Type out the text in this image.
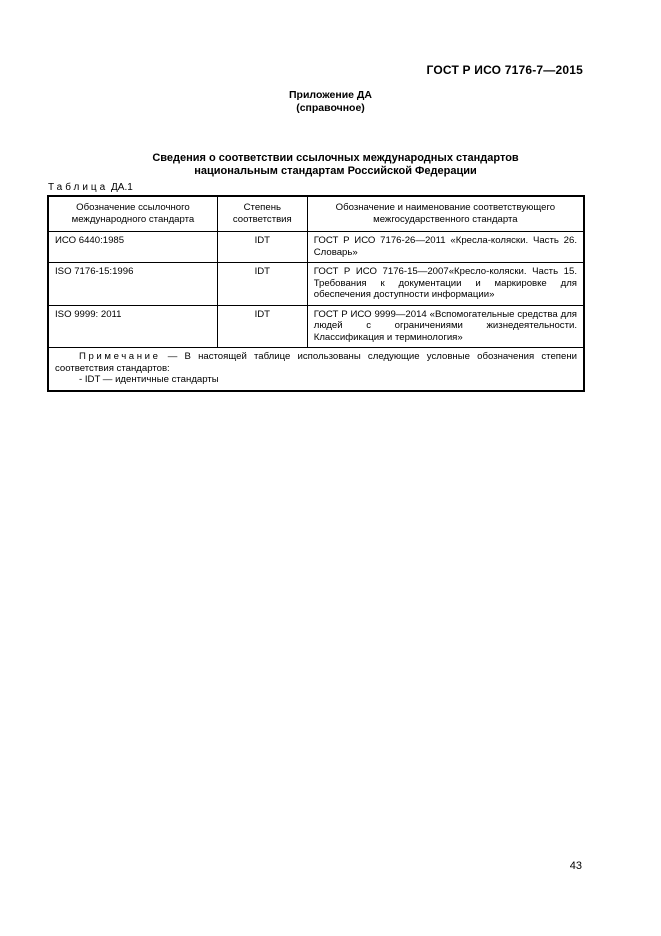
ГОСТ Р ИСО 7176-7—2015
Приложение ДА
(справочное)
Сведения о соответствии ссылочных международных стандартов
национальным стандартам Российской Федерации
Таблица ДА.1
Обозначение ссылочного международного стандарта	Степень соответствия	Обозначение и наименование соответствующего межгосударственного стандарта
ИСО 6440:1985	IDT	ГОСТ Р ИСО 7176-26—2011 «Кресла-коляски. Часть 26. Словарь»
ISO 7176-15:1996	IDT	ГОСТ Р ИСО 7176-15—2007«Кресло-коляски. Часть 15. Требования к документации и маркировке для обеспечения доступности информации»
ISO 9999: 2011	IDT	ГОСТ Р ИСО 9999—2014 «Вспомогательные средства для людей с ограничениями жизнедеятельности. Классификация и терминология»
Примечание — В настоящей таблице использованы следующие условные обозначения степени соответствия стандартов:
- IDT — идентичные стандарты		
43
